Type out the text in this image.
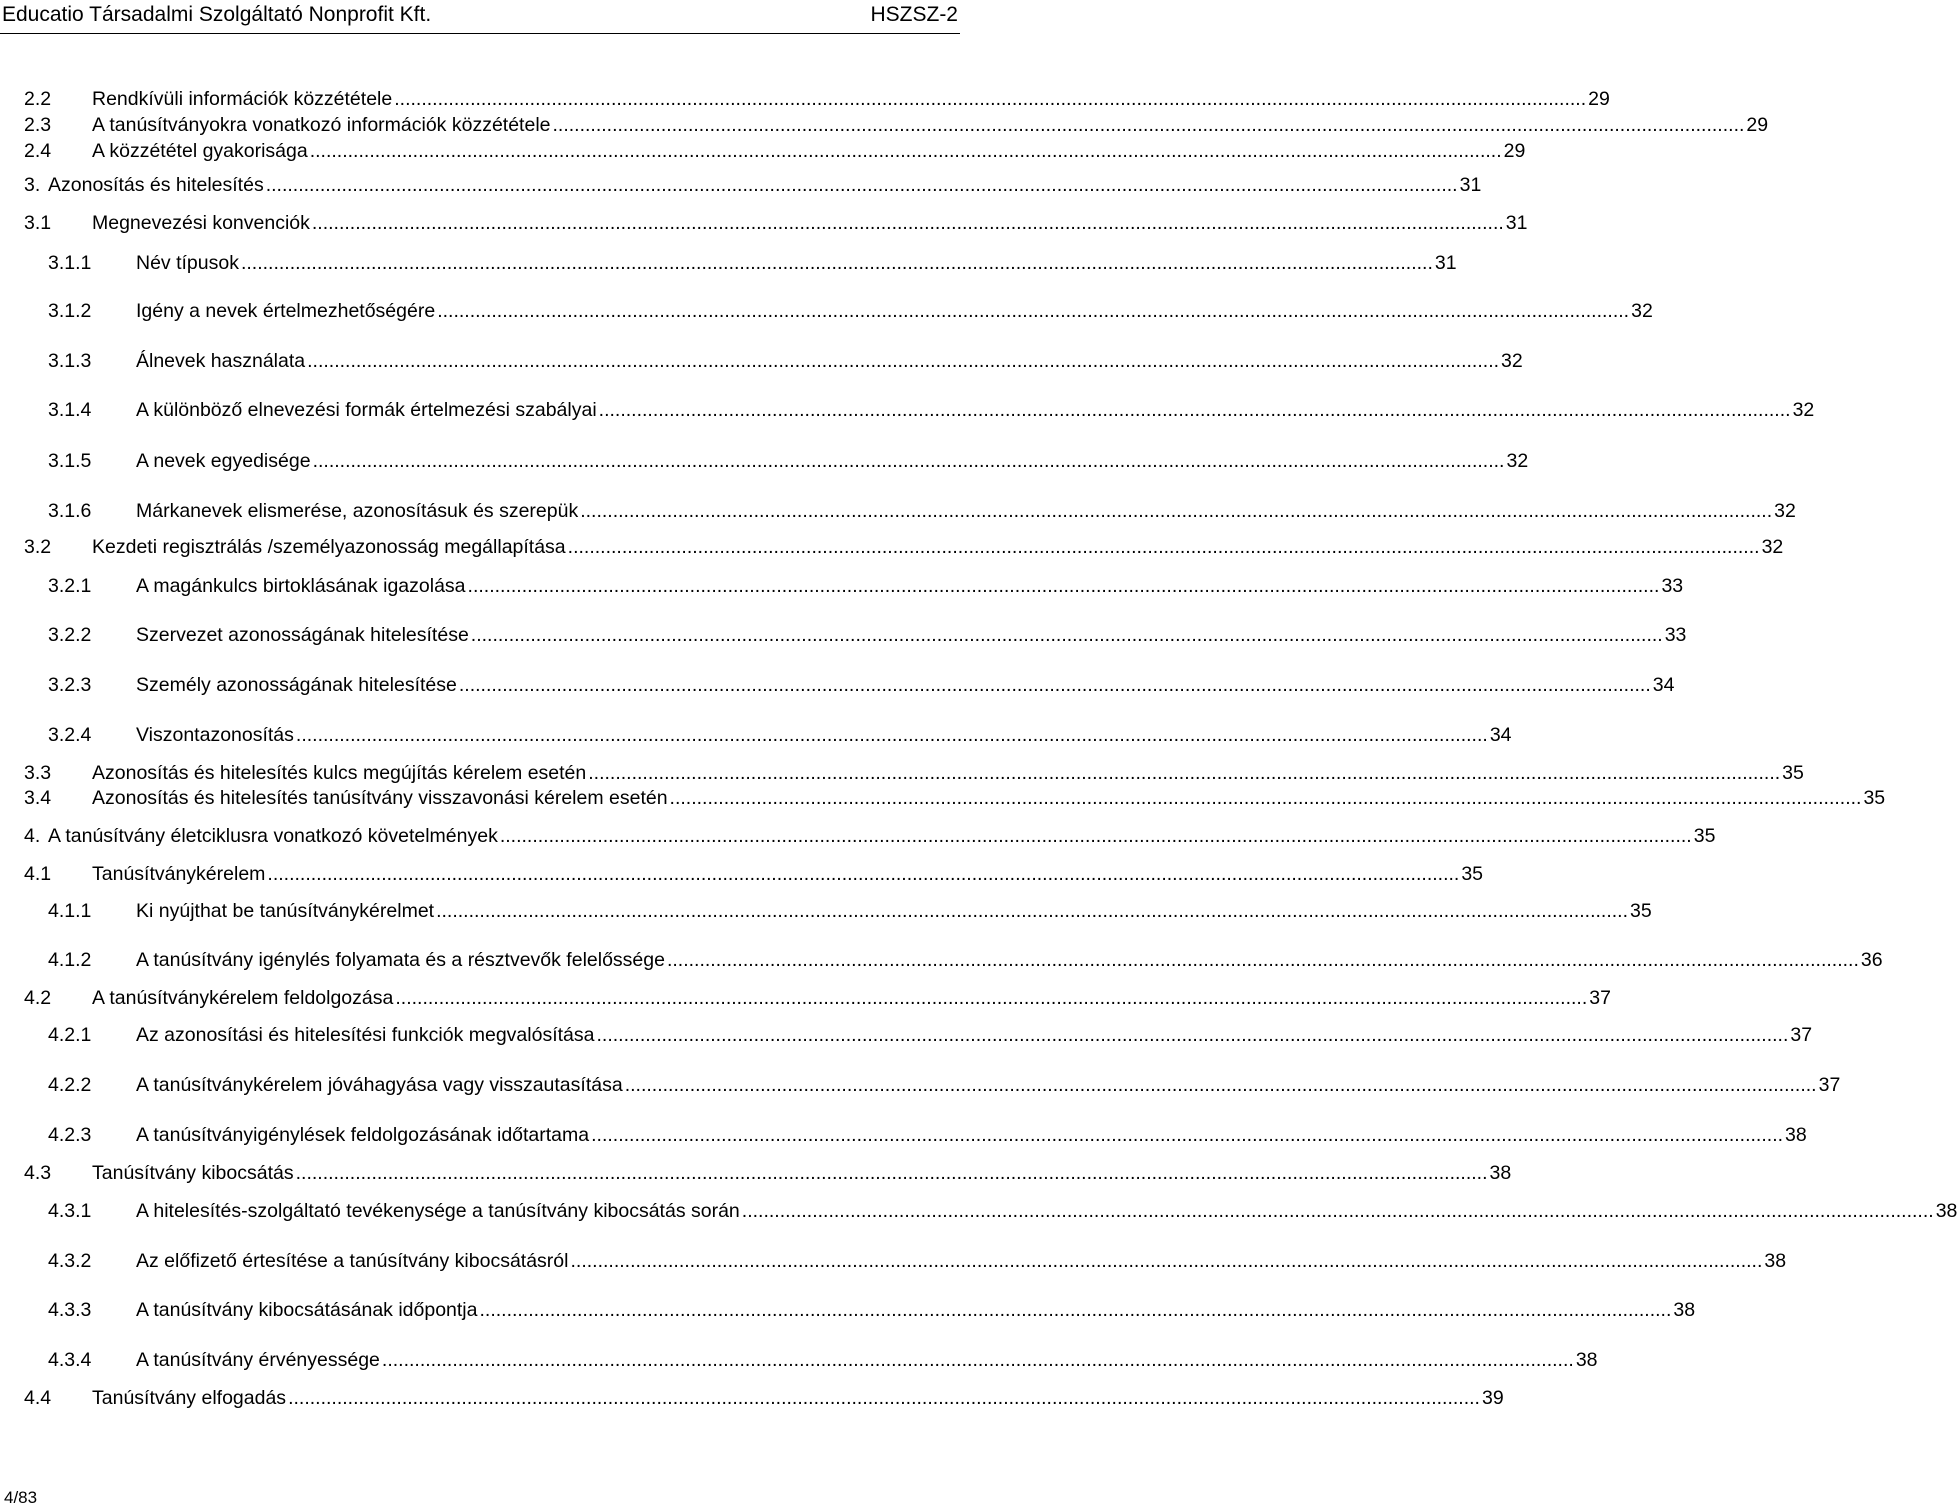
Educatio Társadalmi Szolgáltató Nonprofit Kft.	HSZSZ-2
2.2 Rendkívüli információk közzététele ............................................................................................................................................................................................................................ 29
2.3 A tanúsítványokra vonatkozó információk közzététele ............................................................................................................................................................................................................................ 29
2.4 A közzététel gyakorisága ............................................................................................................................................................................................................................ 29
3. Azonosítás és hitelesítés ............................................................................................................................................................................................................................ 31
3.1 Megnevezési konvenciók ............................................................................................................................................................................................................................ 31
3.1.1 Név típusok ............................................................................................................................................................................................................................ 31
3.1.2 Igény a nevek értelmezhetőségére ............................................................................................................................................................................................................................ 32
3.1.3 Álnevek használata ............................................................................................................................................................................................................................ 32
3.1.4 A különböző elnevezési formák értelmezési szabályai ............................................................................................................................................................................................................................ 32
3.1.5 A nevek egyedisége ............................................................................................................................................................................................................................ 32
3.1.6 Márkanevek elismerése, azonosításuk és szerepük ............................................................................................................................................................................................................................ 32
3.2 Kezdeti regisztrálás /személyazonosság megállapítása ............................................................................................................................................................................................................................ 32
3.2.1 A magánkulcs birtoklásának igazolása ............................................................................................................................................................................................................................ 33
3.2.2 Szervezet azonosságának hitelesítése ............................................................................................................................................................................................................................ 33
3.2.3 Személy azonosságának hitelesítése ............................................................................................................................................................................................................................ 34
3.2.4 Viszontazonosítás ............................................................................................................................................................................................................................ 34
3.3 Azonosítás és hitelesítés kulcs megújítás kérelem esetén ............................................................................................................................................................................................................................ 35
3.4 Azonosítás és hitelesítés tanúsítvány visszavonási kérelem esetén ............................................................................................................................................................................................................................ 35
4. A tanúsítvány életciklusra vonatkozó követelmények ............................................................................................................................................................................................................................ 35
4.1 Tanúsítványkérelem ............................................................................................................................................................................................................................ 35
4.1.1 Ki nyújthat be tanúsítványkérelmet ............................................................................................................................................................................................................................ 35
4.1.2 A tanúsítvány igénylés folyamata és a résztvevők felelőssége ............................................................................................................................................................................................................................ 36
4.2 A tanúsítványkérelem feldolgozása ............................................................................................................................................................................................................................ 37
4.2.1 Az azonosítási és hitelesítési funkciók megvalósítása ............................................................................................................................................................................................................................ 37
4.2.2 A tanúsítványkérelem jóváhagyása vagy visszautasítása ............................................................................................................................................................................................................................ 37
4.2.3 A tanúsítványigénylések feldolgozásának időtartama ............................................................................................................................................................................................................................ 38
4.3 Tanúsítvány kibocsátás ............................................................................................................................................................................................................................ 38
4.3.1 A hitelesítés-szolgáltató tevékenysége a tanúsítvány kibocsátás során ............................................................................................................................................................................................................................ 38
4.3.2 Az előfizető értesítése a tanúsítvány kibocsátásról ............................................................................................................................................................................................................................ 38
4.3.3 A tanúsítvány kibocsátásának időpontja ............................................................................................................................................................................................................................ 38
4.3.4 A tanúsítvány érvényessége ............................................................................................................................................................................................................................ 38
4.4 Tanúsítvány elfogadás ............................................................................................................................................................................................................................ 39
4/83
